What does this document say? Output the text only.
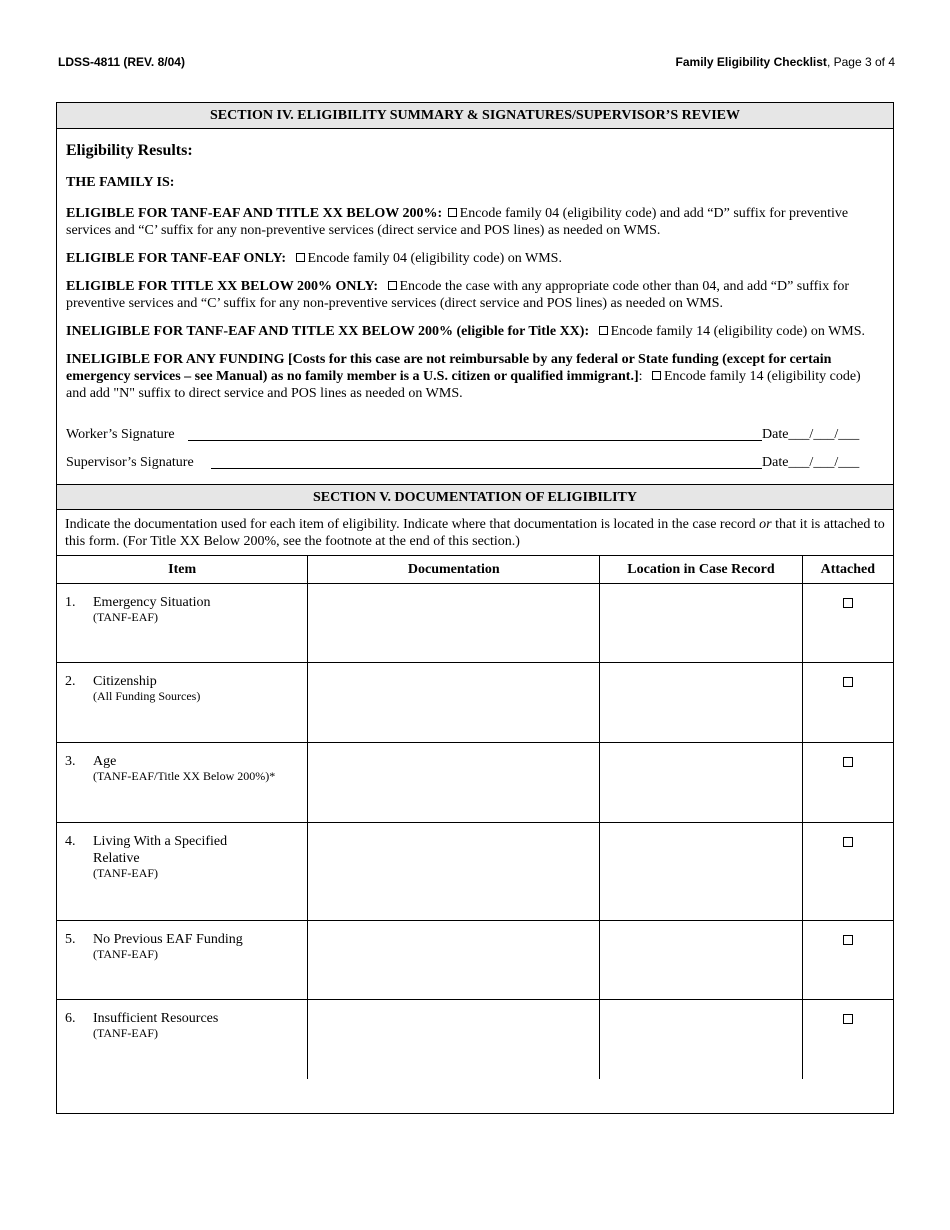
LDSS-4811 (REV. 8/04)	Family Eligibility Checklist, Page 3 of 4
SECTION IV. ELIGIBILITY SUMMARY & SIGNATURES/SUPERVISOR’S REVIEW
Eligibility Results:

THE FAMILY IS:

ELIGIBLE FOR TANF-EAF AND TITLE XX BELOW 200%: Encode family 04 (eligibility code) and add “D” suffix for preventive services and “C’ suffix for any non-preventive services (direct service and POS lines) as needed on WMS.

ELIGIBLE FOR TANF-EAF ONLY: Encode family 04 (eligibility code) on WMS.

ELIGIBLE FOR TITLE XX BELOW 200% ONLY: Encode the case with any appropriate code other than 04, and add “D” suffix for preventive services and “C’ suffix for any non-preventive services (direct service and POS lines) as needed on WMS.

INELIGIBLE FOR TANF-EAF AND TITLE XX BELOW 200% (eligible for Title XX): Encode family 14 (eligibility code) on WMS.

INELIGIBLE FOR ANY FUNDING [Costs for this case are not reimbursable by any federal or State funding (except for certain emergency services – see Manual) as no family member is a U.S. citizen or qualified immigrant.]: Encode family 14 (eligibility code) and add "N" suffix to direct service and POS lines as needed on WMS.

Worker’s Signature	Date___/___/___
Supervisor’s Signature	Date___/___/___
SECTION V. DOCUMENTATION OF ELIGIBILITY
Indicate the documentation used for each item of eligibility. Indicate where that documentation is located in the case record or that it is attached to this form. (For Title XX Below 200%, see the footnote at the end of this section.)
Item	Documentation	Location in Case Record	Attached

1. Emergency Situation
(TANF-EAF)			

2. Citizenship
(All Funding Sources)			

3. Age
(TANF-EAF/Title XX Below 200%)*			

4. Living With a Specified Relative
(TANF-EAF)			

5. No Previous EAF Funding
(TANF-EAF)			

6. Insufficient Resources
(TANF-EAF)			
